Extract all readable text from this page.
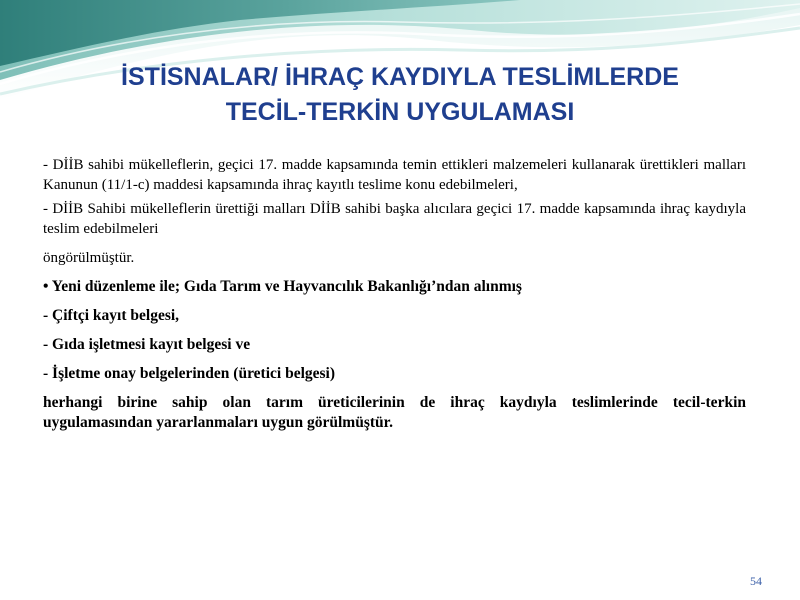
İSTİSNALAR/ İHRAÇ KAYDIYLA TESLİMLERDE
TECİL-TERKİN UYGULAMASI

- DİİB sahibi mükelleflerin, geçici 17. madde kapsamında temin ettikleri malzemeleri kullanarak ürettikleri malları Kanunun (11/1-c) maddesi kapsamında ihraç kayıtlı teslime konu edebilmeleri,

- DİİB Sahibi mükelleflerin ürettiği malları DİİB sahibi başka alıcılara geçici 17. madde kapsamında ihraç kaydıyla teslim edebilmeleri

öngörülmüştür.

• Yeni düzenleme ile; Gıda Tarım ve Hayvancılık Bakanlığı’ndan alınmış

- Çiftçi kayıt belgesi,

- Gıda işletmesi kayıt belgesi ve

- İşletme onay belgelerinden (üretici belgesi)

herhangi birine sahip olan tarım üreticilerinin de ihraç kaydıyla teslimlerinde tecil-terkin uygulamasından yararlanmaları uygun görülmüştür.

54
